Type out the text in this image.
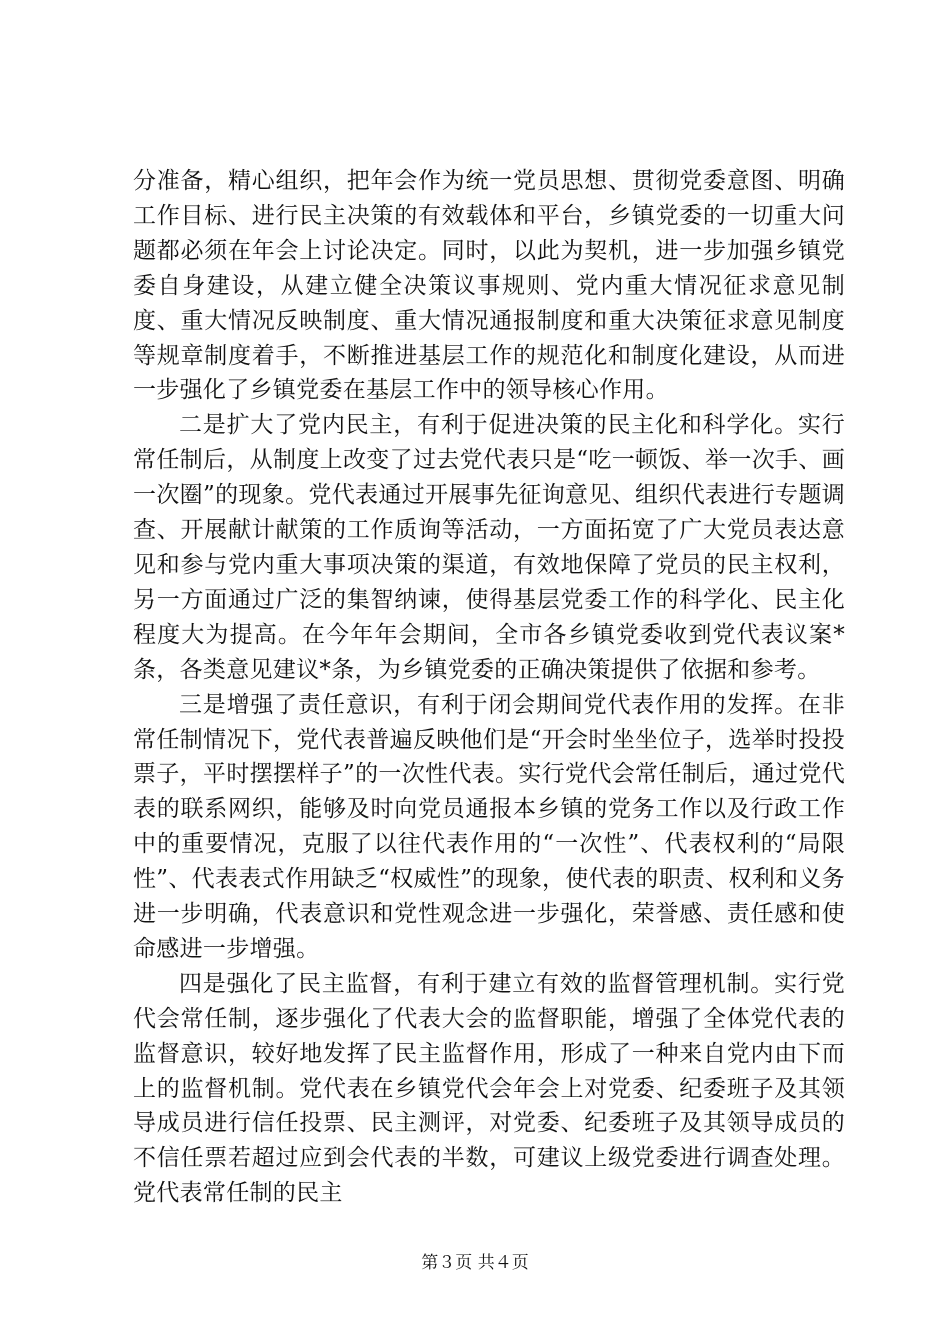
分准备，精心组织，把年会作为统一党员思想、贯彻党委意图、明确工作目标、进行民主决策的有效载体和平台，乡镇党委的一切重大问题都必须在年会上讨论决定。同时，以此为契机，进一步加强乡镇党委自身建设，从建立健全决策议事规则、党内重大情况征求意见制度、重大情况反映制度、重大情况通报制度和重大决策征求意见制度等规章制度着手，不断推进基层工作的规范化和制度化建设，从而进一步强化了乡镇党委在基层工作中的领导核心作用。

二是扩大了党内民主，有利于促进决策的民主化和科学化。实行常任制后，从制度上改变了过去党代表只是“吃一顿饭、举一次手、画一次圈”的现象。党代表通过开展事先征询意见、组织代表进行专题调查、开展献计献策的工作质询等活动，一方面拓宽了广大党员表达意见和参与党内重大事项决策的渠道，有效地保障了党员的民主权利，另一方面通过广泛的集智纳谏，使得基层党委工作的科学化、民主化程度大为提高。在今年年会期间，全市各乡镇党委收到党代表议案*条，各类意见建议*条，为乡镇党委的正确决策提供了依据和参考。

三是增强了责任意识，有利于闭会期间党代表作用的发挥。在非常任制情况下，党代表普遍反映他们是“开会时坐坐位子，选举时投投票子，平时摆摆样子”的一次性代表。实行党代会常任制后，通过党代表的联系网织，能够及时向党员通报本乡镇的党务工作以及行政工作中的重要情况，克服了以往代表作用的“一次性”、代表权利的“局限性”、代表表式作用缺乏“权威性”的现象，使代表的职责、权利和义务进一步明确，代表意识和党性观念进一步强化，荣誉感、责任感和使命感进一步增强。

四是强化了民主监督，有利于建立有效的监督管理机制。实行党代会常任制，逐步强化了代表大会的监督职能，增强了全体党代表的监督意识，较好地发挥了民主监督作用，形成了一种来自党内由下而上的监督机制。党代表在乡镇党代会年会上对党委、纪委班子及其领导成员进行信任投票、民主测评，对党委、纪委班子及其领导成员的不信任票若超过应到会代表的半数，可建议上级党委进行调查处理。党代表常任制的民主

第３页 共４页
